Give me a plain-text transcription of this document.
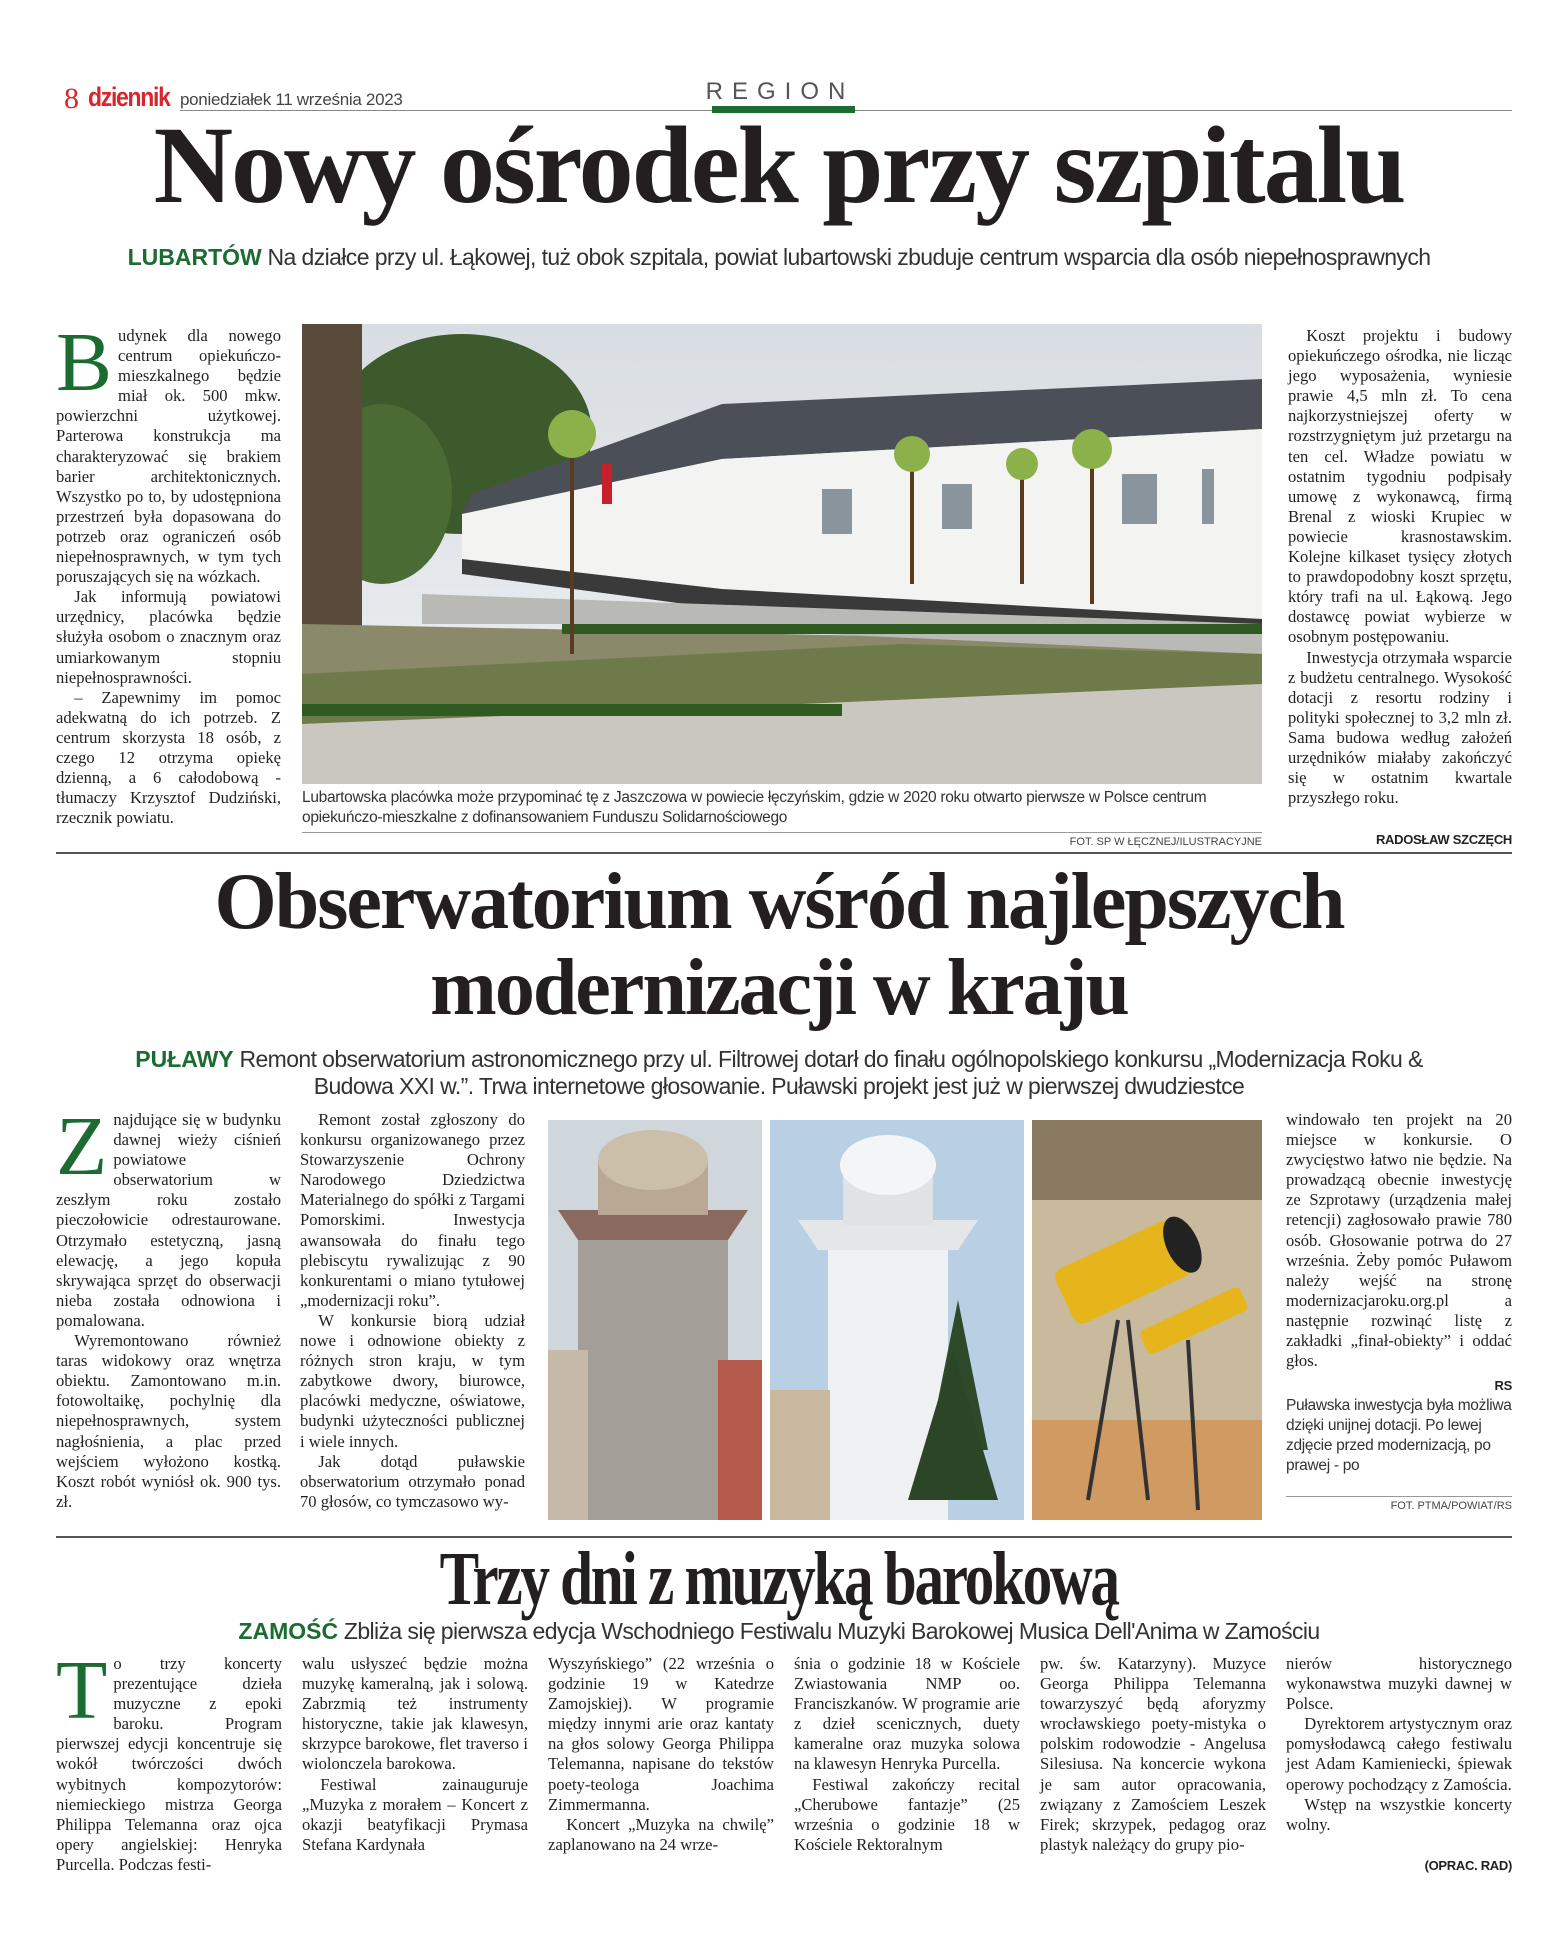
8 dziennik poniedziałek 11 września 2023	REGION
Nowy ośrodek przy szpitalu
LUBARTÓW Na działce przy ul. Łąkowej, tuż obok szpitala, powiat lubartowski zbuduje centrum wsparcia dla osób niepełnosprawnych

Budynek dla nowego centrum opiekuńczo-mieszkalnego będzie miał ok. 500 mkw. powierzchni użytkowej. Parterowa konstrukcja ma charakteryzować się brakiem barier architektonicznych. Wszystko po to, by udostępniona przestrzeń była dopasowana do potrzeb oraz ograniczeń osób niepełnosprawnych, w tym tych poruszających się na wózkach.

Jak informują powiatowi urzędnicy, placówka będzie służyła osobom o znacznym oraz umiarkowanym stopniu niepełnosprawności.

– Zapewnimy im pomoc adekwatną do ich potrzeb. Z centrum skorzysta 18 osób, z czego 12 otrzyma opiekę dzienną, a 6 całodobową - tłumaczy Krzysztof Dudziński, rzecznik powiatu.

Lubartowska placówka może przypominać tę z Jaszczowa w powiecie łęczyńskim, gdzie w 2020 roku otwarto pierwsze w Polsce centrum opiekuńczo-mieszkalne z dofinansowaniem Funduszu Solidarnościowego
FOT. SP W ŁĘCZNEJ/ILUSTRACYJNE

Koszt projektu i budowy opiekuńczego ośrodka, nie licząc jego wyposażenia, wyniesie prawie 4,5 mln zł. To cena najkorzystniejszej oferty w rozstrzygniętym już przetargu na ten cel. Władze powiatu w ostatnim tygodniu podpisały umowę z wykonawcą, firmą Brenal z wioski Krupiec w powiecie krasnostawskim. Kolejne kilkaset tysięcy złotych to prawdopodobny koszt sprzętu, który trafi na ul. Łąkową. Jego dostawcę powiat wybierze w osobnym postępowaniu.

Inwestycja otrzymała wsparcie z budżetu centralnego. Wysokość dotacji z resortu rodziny i polityki społecznej to 3,2 mln zł. Sama budowa według założeń urzędników miałaby zakończyć się w ostatnim kwartale przyszłego roku.

RADOSŁAW SZCZĘCH
Obserwatorium wśród najlepszych
modernizacji w kraju
PUŁAWY Remont obserwatorium astronomicznego przy ul. Filtrowej dotarł do finału ogólnopolskiego konkursu „Modernizacja Roku & Budowa XXI w.”. Trwa internetowe głosowanie. Puławski projekt jest już w pierwszej dwudziestce

Znajdujące się w budynku dawnej wieży ciśnień powiatowe obserwatorium w zeszłym roku zostało pieczołowicie odrestaurowane. Otrzymało estetyczną, jasną elewację, a jego kopuła skrywająca sprzęt do obserwacji nieba została odnowiona i pomalowana.

Wyremontowano również taras widokowy oraz wnętrza obiektu. Zamontowano m.in. fotowoltaikę, pochylnię dla niepełnosprawnych, system nagłośnienia, a plac przed wejściem wyłożono kostką. Koszt robót wyniósł ok. 900 tys. zł.

Remont został zgłoszony do konkursu organizowanego przez Stowarzyszenie Ochrony Narodowego Dziedzictwa Materialnego do spółki z Targami Pomorskimi. Inwestycja awansowała do finału tego plebiscytu rywalizując z 90 konkurentami o miano tytułowej „modernizacji roku”.

W konkursie biorą udział nowe i odnowione obiekty z różnych stron kraju, w tym zabytkowe dwory, biurowce, placówki medyczne, oświatowe, budynki użyteczności publicznej i wiele innych.

Jak dotąd puławskie obserwatorium otrzymało ponad 70 głosów, co tymczasowo wy-

windowało ten projekt na 20 miejsce w konkursie. O zwycięstwo łatwo nie będzie. Na prowadzącą obecnie inwestycję ze Szprotawy (urządzenia małej retencji) zagłosowało prawie 780 osób. Głosowanie potrwa do 27 września. Żeby pomóc Puławom należy wejść na stronę modernizacjaroku.org.pl a następnie rozwinąć listę z zakładki „finał-obiekty” i oddać głos.

RS
Puławska inwestycja była możliwa dzięki unijnej dotacji. Po lewej zdjęcie przed modernizacją, po prawej - po
FOT. PTMA/POWIAT/RS
Trzy dni z muzyką barokową
ZAMOŚĆ Zbliża się pierwsza edycja Wschodniego Festiwalu Muzyki Barokowej Musica Dell'Anima w Zamościu

To trzy koncerty prezentujące dzieła muzyczne z epoki baroku. Program pierwszej edycji koncentruje się wokół twórczości dwóch wybitnych kompozytorów: niemieckiego mistrza Georga Philippa Telemanna oraz ojca opery angielskiej: Henryka Purcella. Podczas festi-

walu usłyszeć będzie można muzykę kameralną, jak i solową. Zabrzmią też instrumenty historyczne, takie jak klawesyn, skrzypce barokowe, flet traverso i wiolonczela barokowa.

Festiwal zainauguruje „Muzyka z morałem – Koncert z okazji beatyfikacji Prymasa Stefana Kardynała

Wyszyńskiego” (22 września o godzinie 19 w Katedrze Zamojskiej). W programie między innymi arie oraz kantaty na głos solowy Georga Philippa Telemanna, napisane do tekstów poety-teologa Joachima Zimmermanna.

Koncert „Muzyka na chwilę” zaplanowano na 24 wrze-

śnia o godzinie 18 w Kościele Zwiastowania NMP oo. Franciszkanów. W programie arie z dzieł scenicznych, duety kameralne oraz muzyka solowa na klawesyn Henryka Purcella.

Festiwal zakończy recital „Cherubowe fantazje” (25 września o godzinie 18 w Kościele Rektoralnym

pw. św. Katarzyny). Muzyce Georga Philippa Telemanna towarzyszyć będą aforyzmy wrocławskiego poety-mistyka o polskim rodowodzie - Angelusa Silesiusa. Na koncercie wykona je sam autor opracowania, związany z Zamościem Leszek Firek; skrzypek, pedagog oraz plastyk należący do grupy pio-

nierów historycznego wykonawstwa muzyki dawnej w Polsce.

Dyrektorem artystycznym oraz pomysłodawcą całego festiwalu jest Adam Kamieniecki, śpiewak operowy pochodzący z Zamościa.

Wstęp na wszystkie koncerty wolny.

(OPRAC. RAD)
